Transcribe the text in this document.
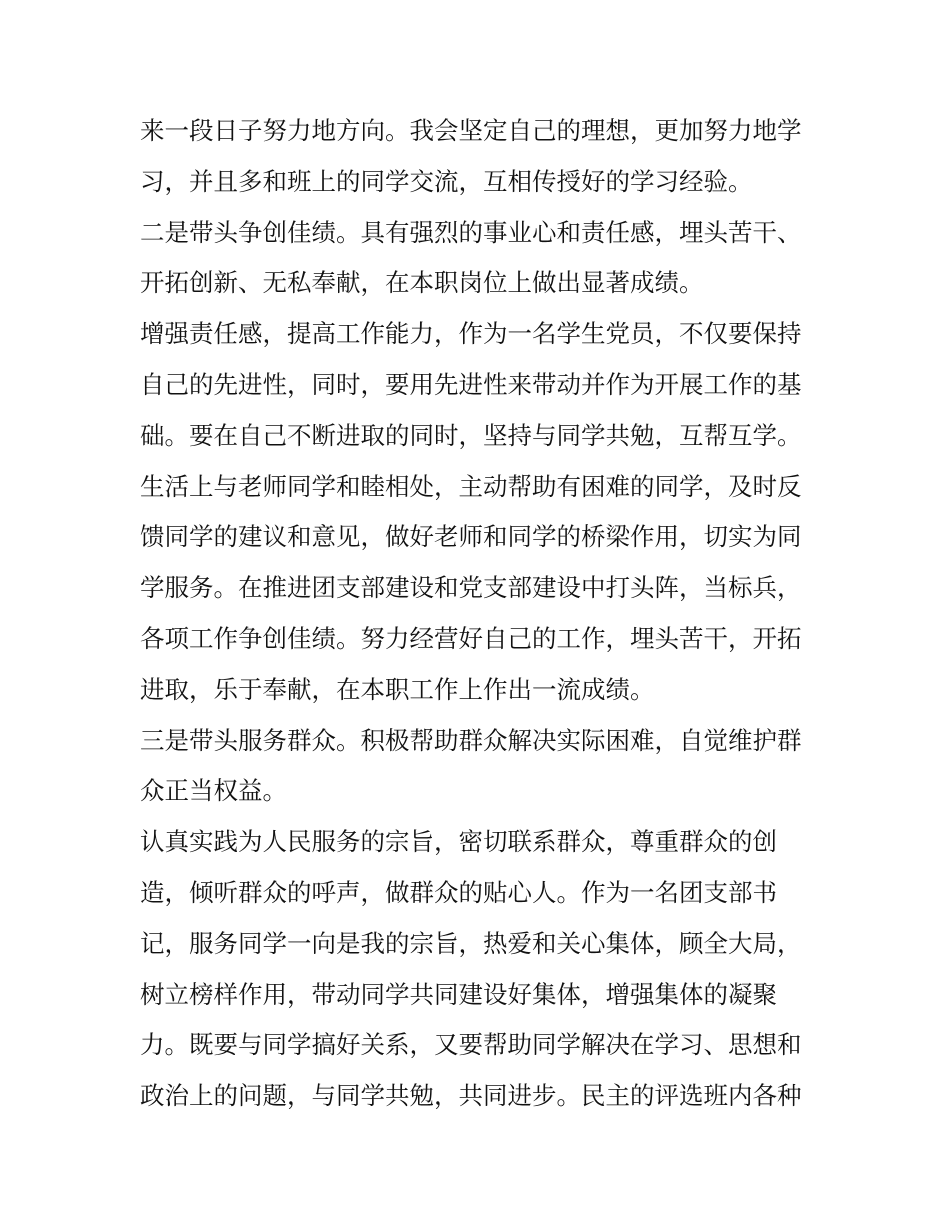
来一段日子努力地方向。我会坚定自己的理想，更加努力地学
习，并且多和班上的同学交流，互相传授好的学习经验。
二是带头争创佳绩。具有强烈的事业心和责任感，埋头苦干、
开拓创新、无私奉献，在本职岗位上做出显著成绩。
增强责任感，提高工作能力，作为一名学生党员，不仅要保持
自己的先进性，同时，要用先进性来带动并作为开展工作的基
础。要在自己不断进取的同时，坚持与同学共勉，互帮互学。
生活上与老师同学和睦相处，主动帮助有困难的同学，及时反
馈同学的建议和意见，做好老师和同学的桥梁作用，切实为同
学服务。在推进团支部建设和党支部建设中打头阵，当标兵，
各项工作争创佳绩。努力经营好自己的工作，埋头苦干，开拓
进取，乐于奉献，在本职工作上作出一流成绩。
三是带头服务群众。积极帮助群众解决实际困难，自觉维护群
众正当权益。
认真实践为人民服务的宗旨，密切联系群众，尊重群众的创
造，倾听群众的呼声，做群众的贴心人。作为一名团支部书
记，服务同学一向是我的宗旨，热爱和关心集体，顾全大局，
树立榜样作用，带动同学共同建设好集体，增强集体的凝聚
力。既要与同学搞好关系，又要帮助同学解决在学习、思想和
政治上的问题，与同学共勉，共同进步。民主的评选班内各种
